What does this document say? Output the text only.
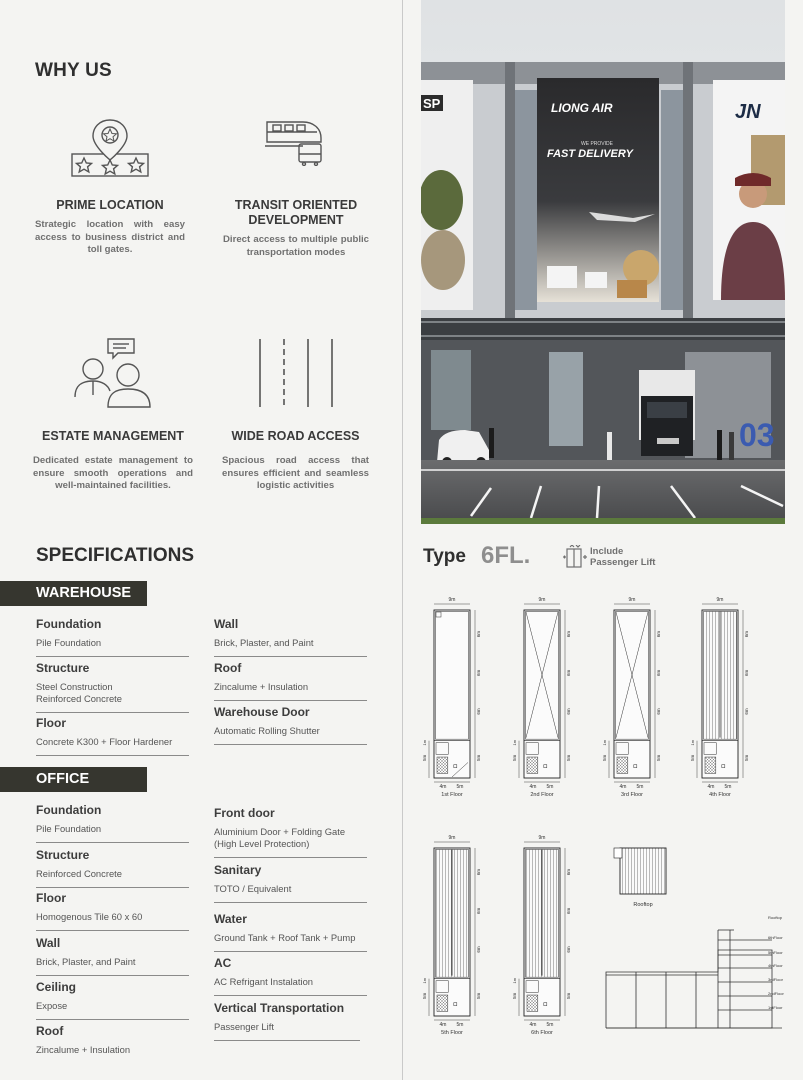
WHY US
PRIME LOCATION

Strategic location with easy access to business district and toll gates.

TRANSIT ORIENTED DEVELOPMENT

Direct access to multiple public transportation modes

ESTATE MANAGEMENT

Dedicated estate management to ensure smooth operations and well-maintained facilities.

WIDE ROAD ACCESS

Spacious road access that ensures efficient and seamless logistic activities

SP	LIONG AIR
WE PROVIDE
FAST DELIVERY
JN
03
SPECIFICATIONS
WAREHOUSE
Foundation
Pile Foundation
Structure
Steel Construction
Reinforced Concrete
Floor
Concrete K300 + Floor Hardener
Wall
Brick, Plaster, and Paint
Roof
Zincalume + Insulation
Warehouse Door
Automatic Rolling Shutter
OFFICE
Foundation
Pile Foundation
Structure
Reinforced Concrete
Floor
Homogenous Tile 60 x 60
Wall
Brick, Plaster, and Paint
Ceiling
Expose
Roof
Zincalume + Insulation
Front door
Aluminium Door + Folding Gate
(High Level Protection)
Sanitary
TOTO / Equivalent
Water
Ground Tank + Roof Tank + Pump
AC
AC Refrigant Instalation
Vertical Transportation
Passenger Lift
Type 6FL.	Include
Passenger Lift
9m
6m
6m
6m
5m
5m
1m
4m 5m
1st Floor
9m
6m
6m
6m
5m
5m
1m
4m 5m
2nd Floor
9m
6m
6m
6m
5m
5m
1m
4m 5m
3rd Floor
9m
6m
6m
6m
5m
5m
1m
4m 5m
4th Floor
9m
6m
6m
6m
5m
5m
1m
4m 5m
5th Floor
9m
6m
6m
6m
5m
5m
1m
4m 5m
6th Floor
Rooftop
Rooftop
6thFloor
5thFloor
4thFloor
3rdFloor
2ndFloor
1stFloor
